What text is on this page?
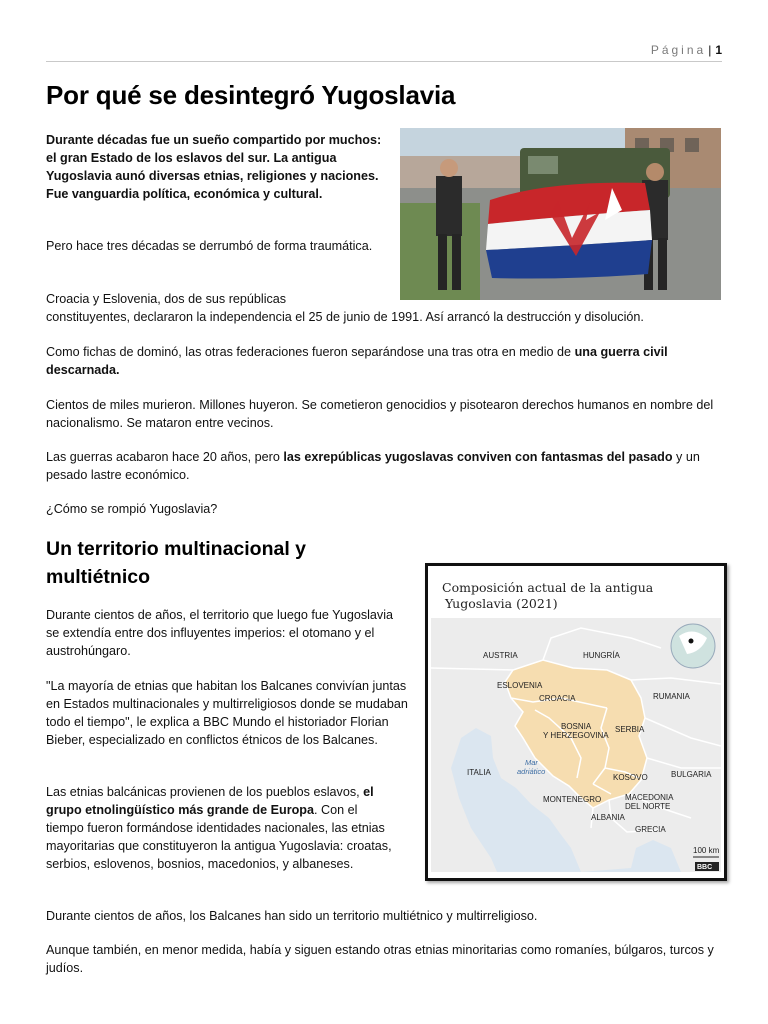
Página | 1
Por qué se desintegró Yugoslavia

Durante décadas fue un sueño compartido por muchos: el gran Estado de los eslavos del sur. La antigua Yugoslavia aunó diversas etnias, religiones y naciones. Fue vanguardia política, económica y cultural.

Pero hace tres décadas se derrumbó de forma traumática.

Croacia y Eslovenia, dos de sus repúblicas

constituyentes, declararon la independencia el 25 de junio de 1991. Así arrancó la destrucción y disolución.

Como fichas de dominó, las otras federaciones fueron separándose una tras otra en medio de una guerra civil descarnada.

Cientos de miles murieron. Millones huyeron. Se cometieron genocidios y pisotearon derechos humanos en nombre del nacionalismo. Se mataron entre vecinos.

Las guerras acabaron hace 20 años, pero las exrepúblicas yugoslavas conviven con fantasmas del pasado y un pesado lastre económico.

¿Cómo se rompió Yugoslavia?

Un territorio multinacional y multiétnico

Durante cientos de años, el territorio que luego fue Yugoslavia se extendía entre dos influyentes imperios: el otomano y el austrohúngaro.

"La mayoría de etnias que habitan los Balcanes convivían juntas en Estados multinacionales y multirreligiosos donde se mudaban todo el tiempo", le explica a BBC Mundo el historiador Florian Bieber, especializado en conflictos étnicos de los Balcanes.

Las etnias balcánicas provienen de los pueblos eslavos, el grupo etnolingüístico más grande de Europa. Con el tiempo fueron formándose identidades nacionales, las etnias mayoritarias que constituyeron la antigua Yugoslavia: croatas, serbios, eslovenos, bosnios, macedonios, y albaneses.

Durante cientos de años, los Balcanes han sido un territorio multiétnico y multirreligioso.

Aunque también, en menor medida, había y siguen estando otras etnias minoritarias como romaníes, búlgaros, turcos y judíos.

Composición actual de la antigua
Yugoslavia (2021)
AUSTRIA	HUNGRÍA
ESLOVENIA
CROACIA	RUMANIA
BOSNIA
Y HERZEGOVINA
SERBIA
ITALIA
Mar
adriático
KOSOVO	BULGARIA
MONTENEGRO	MACEDONIA
DEL NORTE
ALBANIA
GRECIA
100 km
BBC
